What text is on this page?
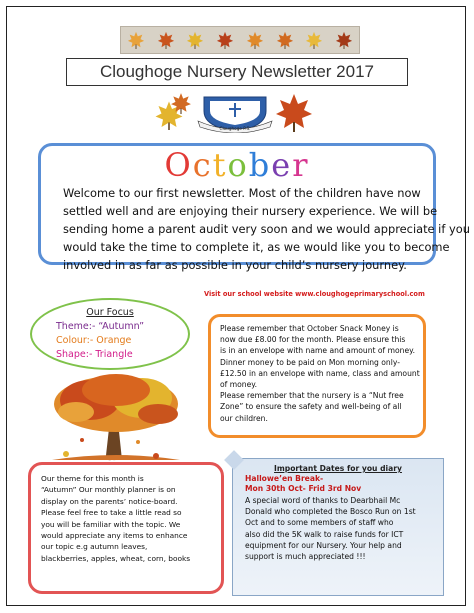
Cloughoge Nursery Newsletter 2017
Cloughoge P.S.
October
Welcome to our first newsletter. Most of the children have now
settled well and are enjoying their nursery experience. We will be
sending home a parent audit very soon and we would appreciate if you
would take the time to complete it, as we would like you to become
involved in as far as possible in your child’s nursery journey.
Visit our school website www.cloughogeprimaryschool.com
Our Focus
Theme:- “Autumn”
Colour:- Orange
Shape:- Triangle
Please remember that October Snack Money is
now due £8.00 for the month. Please ensure this
is in an envelope with name and amount of money.
Dinner money to be paid on Mon morning only-
£12.50 in an envelope with name, class and amount
of money.
Please remember that the nursery is a “Nut free
Zone” to ensure the safety and well-being of all
our children.
Our theme for this month is
“Autumn” Our monthly planner is on
display on the parents’ notice-board.
Please feel free to take a little read so
you will be familiar with the topic. We
would appreciate any items to enhance
our topic e.g autumn leaves,
blackberries, apples, wheat, corn, books
Important Dates for you diary
Hallowe’en Break-
Mon 30th Oct- Frid 3rd Nov
A special word of thanks to Dearbhail Mc
Donald who completed the Bosco Run on 1st
Oct and to some members of staff who
also did the 5K walk to raise funds for ICT
equipment for our Nursery. Your help and
support is much appreciated !!!
